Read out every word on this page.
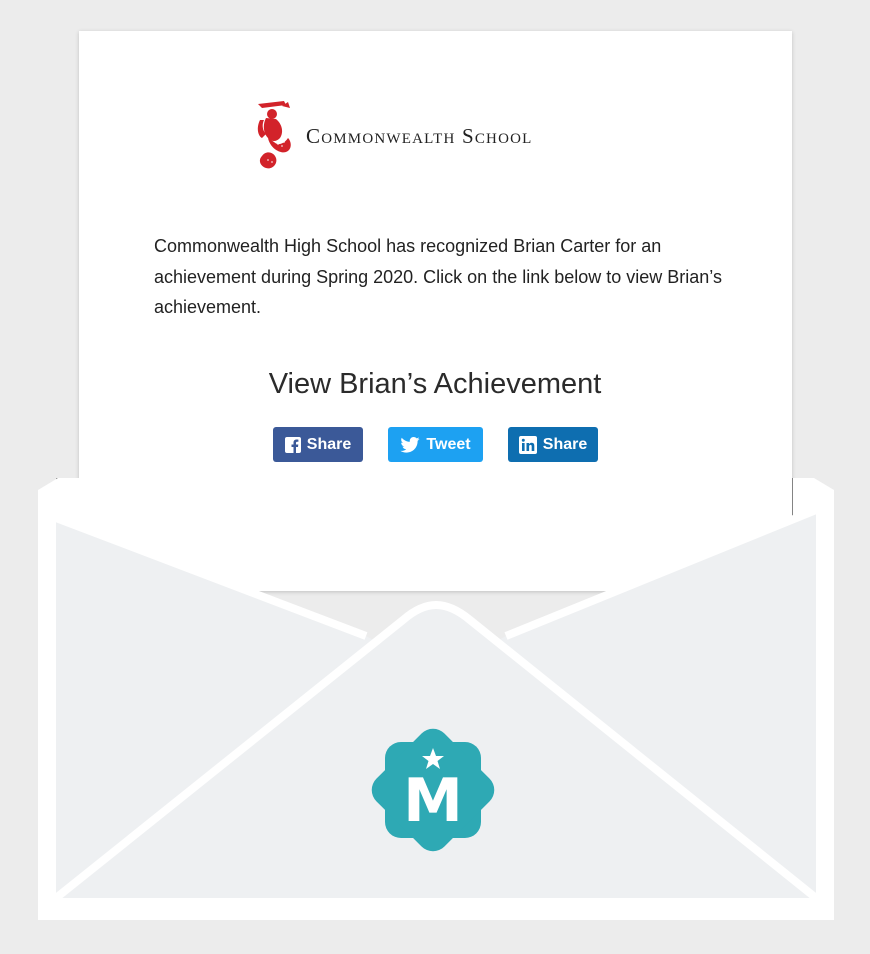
Commonwealth School
Commonwealth High School has recognized Brian Carter for an achievement during Spring 2020. Click on the link below to view Brian’s achievement.
View Brian’s Achievement
Share	Tweet	Share
M
